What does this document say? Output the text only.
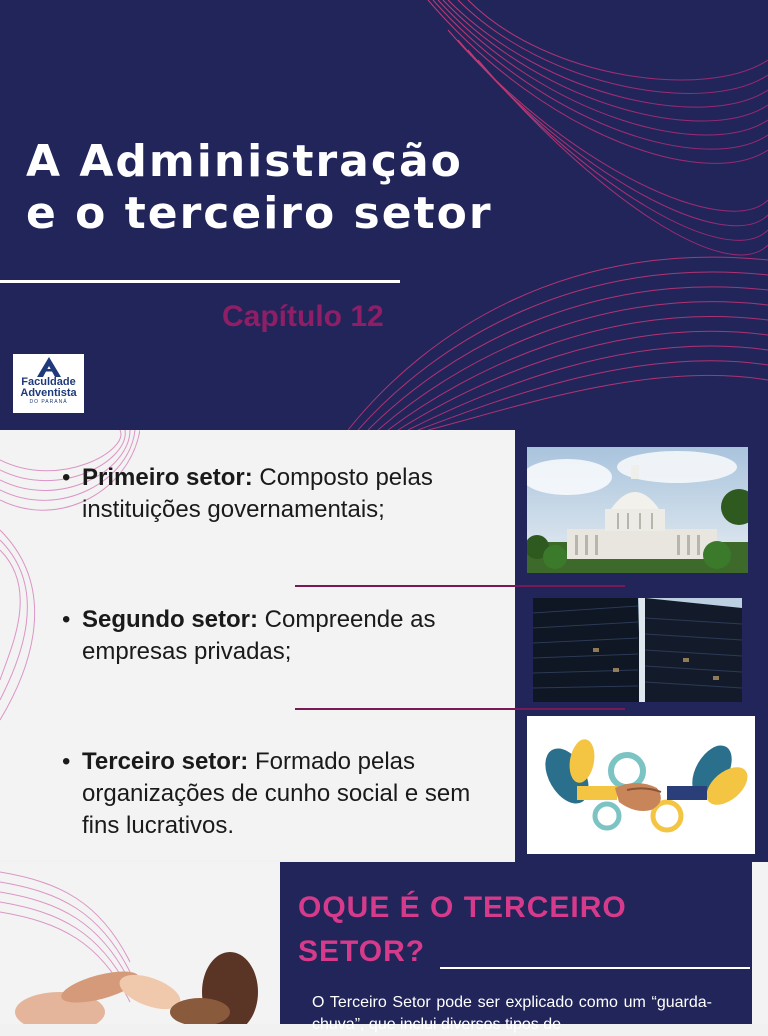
A Administração
e o terceiro setor
Capítulo 12
Faculdade
Adventista
DO PARANÁ
• Primeiro setor: Composto pelas instituições governamentais;
• Segundo setor: Compreende as empresas privadas;
• Terceiro setor: Formado pelas organizações de cunho social e sem fins lucrativos.
OQUE É O TERCEIRO
SETOR?

O Terceiro Setor pode ser explicado como um “guarda-chuva”, que inclui diversos tipos de
